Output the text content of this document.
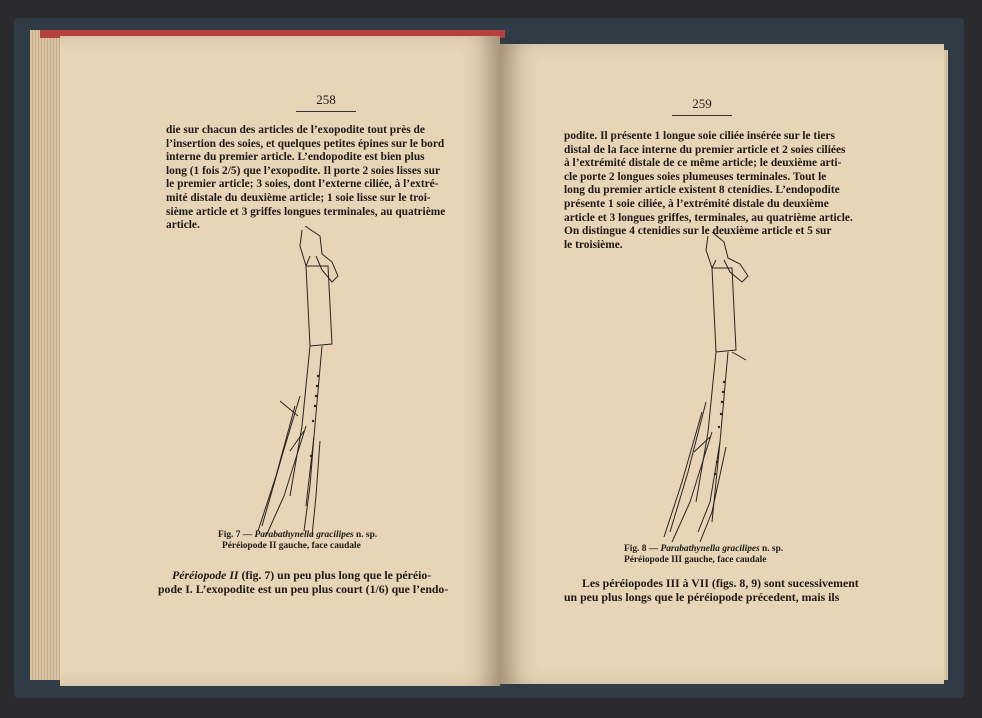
258
die sur chacun des articles de l’exopodite tout près de
l’insertion des soies, et quelques petites épines sur le bord
interne du premier article. L’endopodite est bien plus
long (1 fois 2/5) que l’exopodite. Il porte 2 soies lisses sur
le premier article; 3 soies, dont l’externe ciliée, à l’extré-
mité distale du deuxième article; 1 soie lisse sur le troi-
sième article et 3 griffes longues terminales, au quatrième
article.
Fig. 7 — Parabathynella gracilipes n. sp.
Péréiopode II gauche, face caudale
Péréiopode II (fig. 7) un peu plus long que le péréio-
pode I. L’exopodite est un peu plus court (1/6) que l’endo-
259
podite. Il présente 1 longue soie ciliée insérée sur le tiers
distal de la face interne du premier article et 2 soies ciliées
à l’extrémité distale de ce même article; le deuxième arti-
cle porte 2 longues soies plumeuses terminales. Tout le
long du premier article existent 8 ctenidies. L’endopodite
présente 1 soie ciliée, à l’extrémité distale du deuxième
article et 3 longues griffes, terminales, au quatrième article.
On distingue 4 ctenidies sur le deuxième article et 5 sur
le troisième.
Fig. 8 — Parabathynella gracilipes n. sp.
Péréiopode III gauche, face caudale
Les péréiopodes III à VII (figs. 8, 9) sont sucessivement
un peu plus longs que le péréiopode précedent, mais ils
